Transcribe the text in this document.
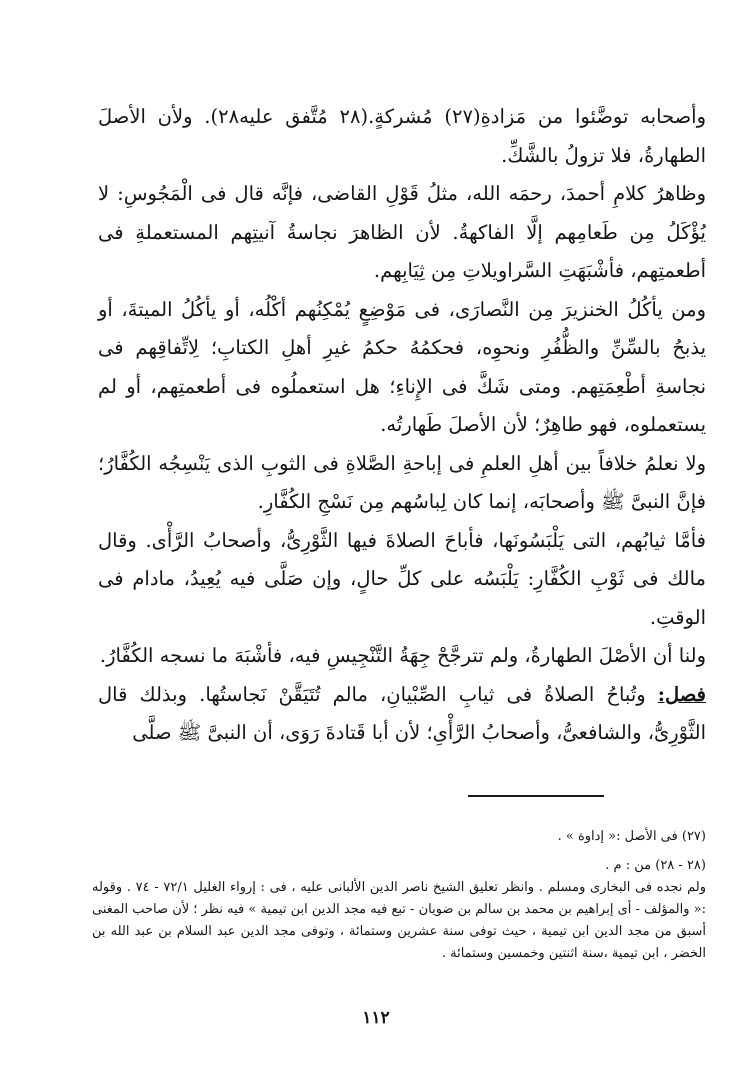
وأصحابه توضَّئوا من مَزادةِ(٢٧) مُشركةٍ.(٢٨ مُتَّفق عليه٢٨). ولأن الأصلَ الطهارةُ، فلا تزولُ بالشَّكِّ.

وظاهرُ كلامِ أحمدَ، رحمَه الله، مثلُ قَوْلِ القاضى، فإنَّه قال فى الْمَجُوسِ: لا يُؤْكَلُ مِن طَعامِهم إلَّا الفاكهةُ. لأن الظاهرَ نجاسةُ آنيتِهم المستعملةِ فى أطعمتِهم، فأشْبَهَتِ السَّراويلاتِ مِن ثِيَابِهم.

ومن يأكُلُ الخنزيرَ مِن النَّصارَى، فى مَوْضِعٍ يُمْكِنُهم أكْلُه، أو يأكُلُ الميتةَ، أو يذبحُ بالسِّنِّ والظُّفُرِ ونحوِه، فحكمُهُ حكمُ غيرِ أهلِ الكتابِ؛ لِاتِّفاقِهم فى نجاسةِ أطْعِمَتِهم. ومتى شَكَّ فى الإِناءِ؛ هل استعملُوه فى أطعمتِهم، أو لم يستعملوه، فهو طاهِرٌ؛ لأن الأصلَ طَهارتُه.

ولا نعلمُ خلافاً بين أهلِ العلمِ فى إباحةِ الصَّلاةِ فى الثوبِ الذى يَنْسِجُه الكُفَّارُ؛ فإنَّ النبىَّ ﷺ وأصحابَه، إنما كان لِباسُهم مِن نَسْجِ الكُفَّارِ.

فأمَّا ثيابُهم، التى يَلْبَسُونَها، فأباحَ الصلاةَ فيها الثَّوْرِىُّ، وأصحابُ الرَّأْى. وقال مالك فى ثَوْبِ الكُفَّارِ: يَلْبَسُه على كلِّ حالٍ، وإن صَلَّى فيه يُعِيدُ، مادام فى الوقتِ.

ولنا أن الأصْلَ الطهارةُ، ولم تترجَّحْ جِهَةُ التَّنْجِيسِ فيه، فأشْبَهَ ما نسجه الكُفَّارُ.

فصل: وتُباحُ الصلاةُ فى ثيابِ الصِّبْيانِ، مالم تُتَيَقَّنْ نَجاستُها. وبذلك قال الثَّوْرِىُّ، والشافعىُّ، وأصحابُ الرَّأْىِ؛ لأن أبا قَتادةَ رَوَى، أن النبىَّ ﷺ صلَّى

(٢٧) فى الأصل :« إداوة » .

(٢٨ - ٢٨) من : م .

ولم نجده فى البخارى ومسلم . وانظر تعليق الشيخ ناصر الدين الألبانى عليه ، فى : إرواء الغليل ٧٢/١ - ٧٤ . وقوله :« والمؤلف - أى إبراهيم بن محمد بن سالم بن ضويان - تبع فيه مجد الدين ابن تيمية » فيه نظر ؛ لأن صاحب المغنى أسبق من مجد الدين ابن تيمية ، حيث توفى سنة عشرين وستمائة ، وتوفى مجد الدين عبد السلام بن عبد الله بن الخضر ، ابن تيمية ،سنة اثنتين وخمسين وستمائة .

١١٢
